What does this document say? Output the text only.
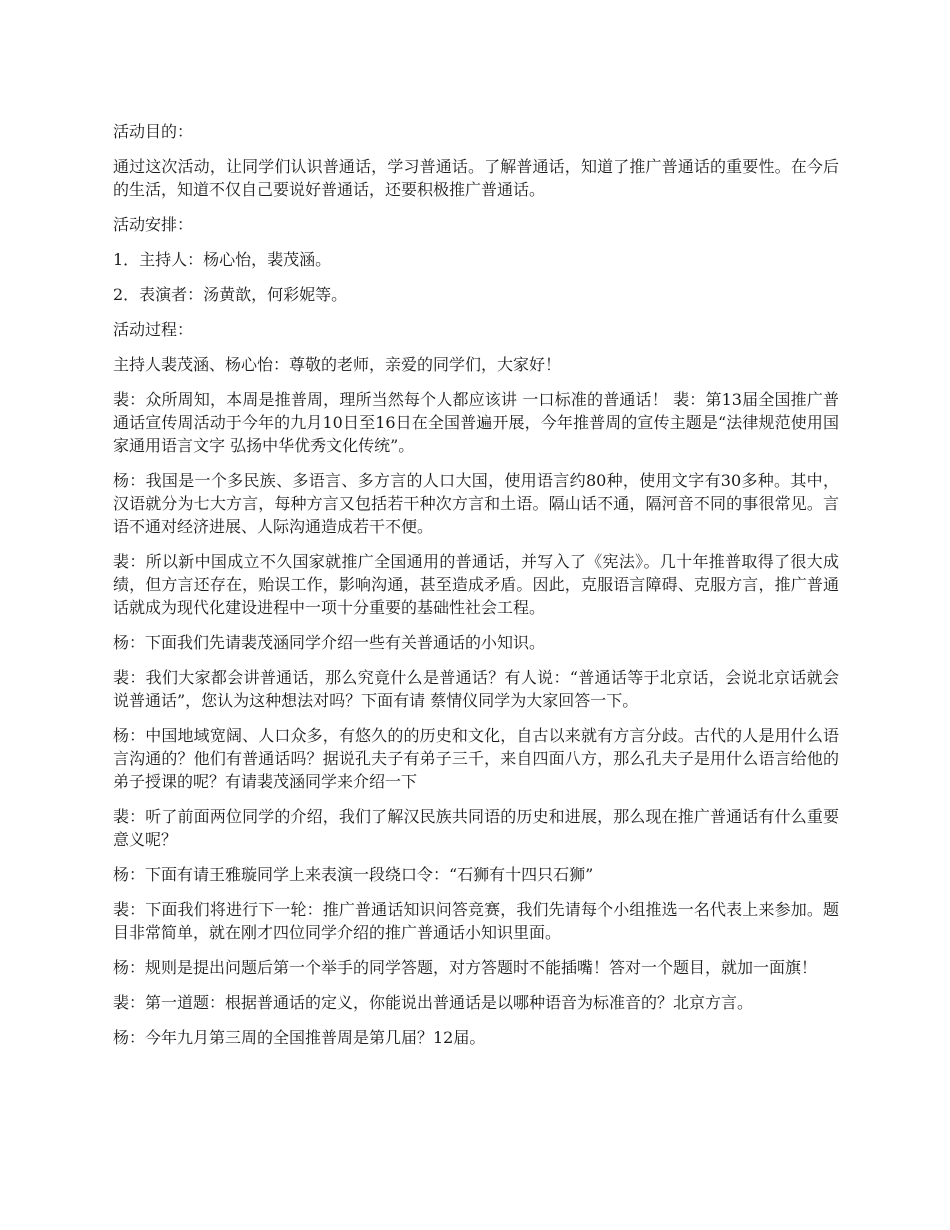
活动目的：

通过这次活动，让同学们认识普通话，学习普通话。了解普通话，知道了推广普通话的重要性。在今后的生活，知道不仅自己要说好普通话，还要积极推广普通话。

活动安排：

1．主持人：杨心怡，裴茂涵。

2．表演者：汤黄歆，何彩妮等。

活动过程：

主持人裴茂涵、杨心怡：尊敬的老师，亲爱的同学们，大家好！

裴：众所周知，本周是推普周，理所当然每个人都应该讲 一口标准的普通话！ 裴：第13届全国推广普通话宣传周活动于今年的九月10日至16日在全国普遍开展，今年推普周的宣传主题是“法律规范使用国家通用语言文字 弘扬中华优秀文化传统”。

杨：我国是一个多民族、多语言、多方言的人口大国，使用语言约80种，使用文字有30多种。其中，汉语就分为七大方言，每种方言又包括若干种次方言和土语。隔山话不通，隔河音不同的事很常见。言语不通对经济进展、人际沟通造成若干不便。

裴：所以新中国成立不久国家就推广全国通用的普通话，并写入了《宪法》。几十年推普取得了很大成绩，但方言还存在，贻误工作，影响沟通，甚至造成矛盾。因此，克服语言障碍、克服方言，推广普通话就成为现代化建设进程中一项十分重要的基础性社会工程。

杨：下面我们先请裴茂涵同学介绍一些有关普通话的小知识。

裴：我们大家都会讲普通话，那么究竟什么是普通话？有人说：“普通话等于北京话，会说北京话就会说普通话”，您认为这种想法对吗？下面有请 蔡情仪同学为大家回答一下。

杨：中国地域宽阔、人口众多，有悠久的的历史和文化，自古以来就有方言分歧。古代的人是用什么语言沟通的？他们有普通话吗？据说孔夫子有弟子三千，来自四面八方，那么孔夫子是用什么语言给他的弟子授课的呢？有请裴茂涵同学来介绍一下

裴：听了前面两位同学的介绍，我们了解汉民族共同语的历史和进展，那么现在推广普通话有什么重要意义呢？

杨：下面有请王雅璇同学上来表演一段绕口令：“石狮有十四只石狮”

裴：下面我们将进行下一轮：推广普通话知识问答竞赛，我们先请每个小组推选一名代表上来参加。题目非常简单，就在刚才四位同学介绍的推广普通话小知识里面。

杨：规则是提出问题后第一个举手的同学答题，对方答题时不能插嘴！答对一个题目，就加一面旗！

裴：第一道题：根据普通话的定义，你能说出普通话是以哪种语音为标准音的？北京方言。

杨：今年九月第三周的全国推普周是第几届？12届。
